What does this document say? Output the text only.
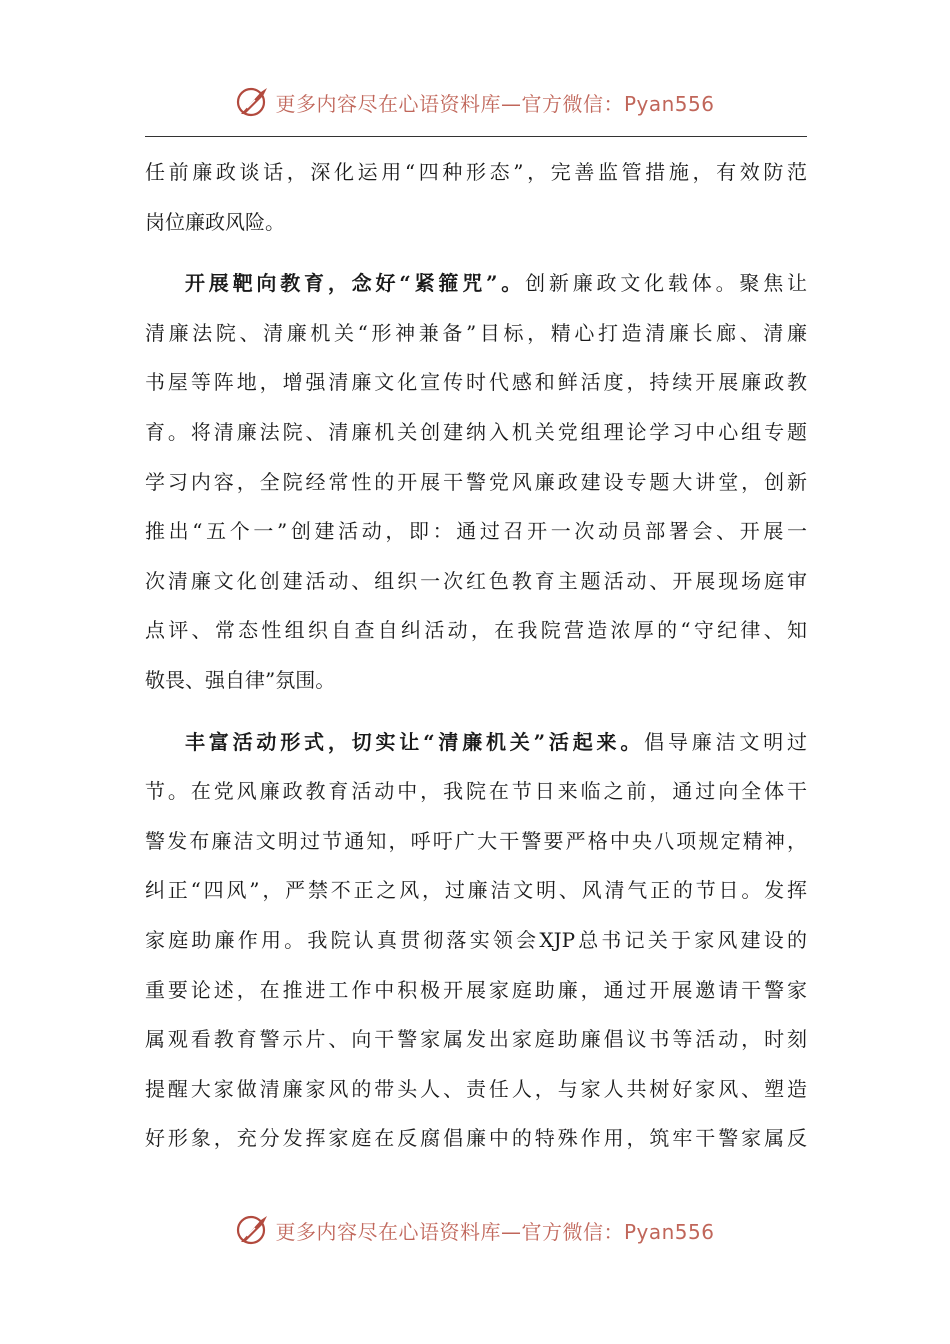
更多内容尽在心语资料库—官方微信：Pyan556
任前廉政谈话，深化运用“四种形态”，完善监管措施，有效防范
岗位廉政风险。
开展靶向教育，念好“紧箍咒”。创新廉政文化载体。聚焦让
清廉法院、清廉机关“形神兼备”目标，精心打造清廉长廊、清廉
书屋等阵地，增强清廉文化宣传时代感和鲜活度，持续开展廉政教
育。将清廉法院、清廉机关创建纳入机关党组理论学习中心组专题
学习内容，全院经常性的开展干警党风廉政建设专题大讲堂，创新
推出“五个一”创建活动，即：通过召开一次动员部署会、开展一
次清廉文化创建活动、组织一次红色教育主题活动、开展现场庭审
点评、常态性组织自查自纠活动，在我院营造浓厚的“守纪律、知
敬畏、强自律”氛围。
丰富活动形式，切实让“清廉机关”活起来。倡导廉洁文明过
节。在党风廉政教育活动中，我院在节日来临之前，通过向全体干
警发布廉洁文明过节通知，呼吁广大干警要严格中央八项规定精神，
纠正“四风”，严禁不正之风，过廉洁文明、风清气正的节日。发挥
家庭助廉作用。我院认真贯彻落实领会XJP总书记关于家风建设的
重要论述，在推进工作中积极开展家庭助廉，通过开展邀请干警家
属观看教育警示片、向干警家属发出家庭助廉倡议书等活动，时刻
提醒大家做清廉家风的带头人、责任人，与家人共树好家风、塑造
好形象，充分发挥家庭在反腐倡廉中的特殊作用，筑牢干警家属反
更多内容尽在心语资料库—官方微信：Pyan556
